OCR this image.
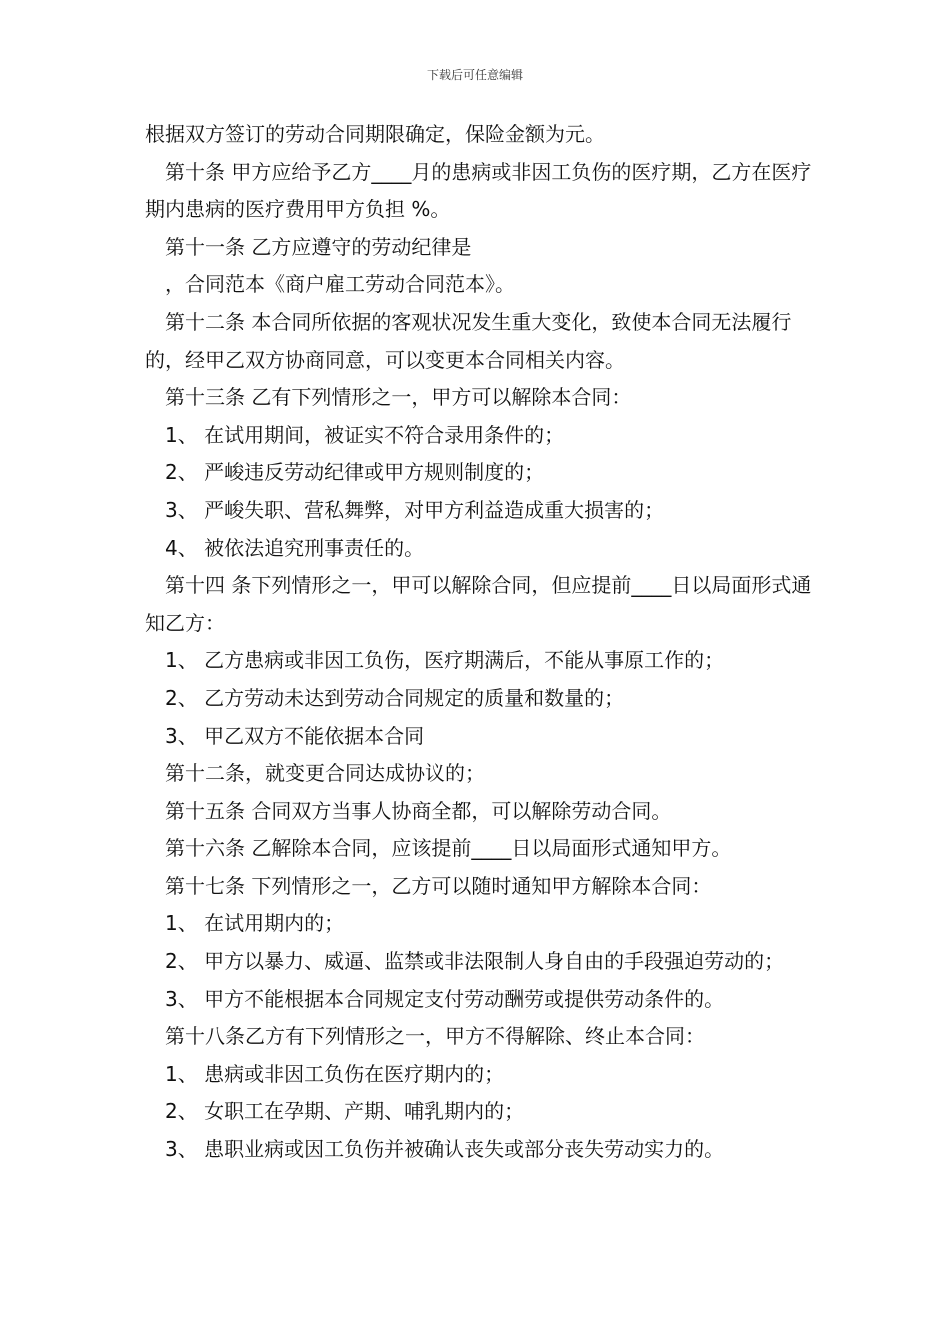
下载后可任意编辑

根据双方签订的劳动合同期限确定，保险金额为元。

第十条 甲方应给予乙方____月的患病或非因工负伤的医疗期，乙方在医疗期内患病的医疗费用甲方负担 %。

第十一条 乙方应遵守的劳动纪律是

，合同范本《商户雇工劳动合同范本》。

第十二条 本合同所依据的客观状况发生重大变化，致使本合同无法履行的，经甲乙双方协商同意，可以变更本合同相关内容。

第十三条 乙有下列情形之一，甲方可以解除本合同：

1、 在试用期间，被证实不符合录用条件的；

2、 严峻违反劳动纪律或甲方规则制度的；

3、 严峻失职、营私舞弊，对甲方利益造成重大损害的；

4、 被依法追究刑事责任的。

第十四 条下列情形之一，甲可以解除合同，但应提前____日以局面形式通知乙方：

1、 乙方患病或非因工负伤，医疗期满后，不能从事原工作的；

2、 乙方劳动未达到劳动合同规定的质量和数量的；

3、 甲乙双方不能依据本合同

第十二条，就变更合同达成协议的；

第十五条 合同双方当事人协商全都，可以解除劳动合同。

第十六条 乙解除本合同，应该提前____日以局面形式通知甲方。

第十七条 下列情形之一，乙方可以随时通知甲方解除本合同：

1、 在试用期内的；

2、 甲方以暴力、威逼、监禁或非法限制人身自由的手段强迫劳动的；

3、 甲方不能根据本合同规定支付劳动酬劳或提供劳动条件的。

第十八条乙方有下列情形之一，甲方不得解除、终止本合同：

1、 患病或非因工负伤在医疗期内的；

2、 女职工在孕期、产期、哺乳期内的；

3、 患职业病或因工负伤并被确认丧失或部分丧失劳动实力的。
